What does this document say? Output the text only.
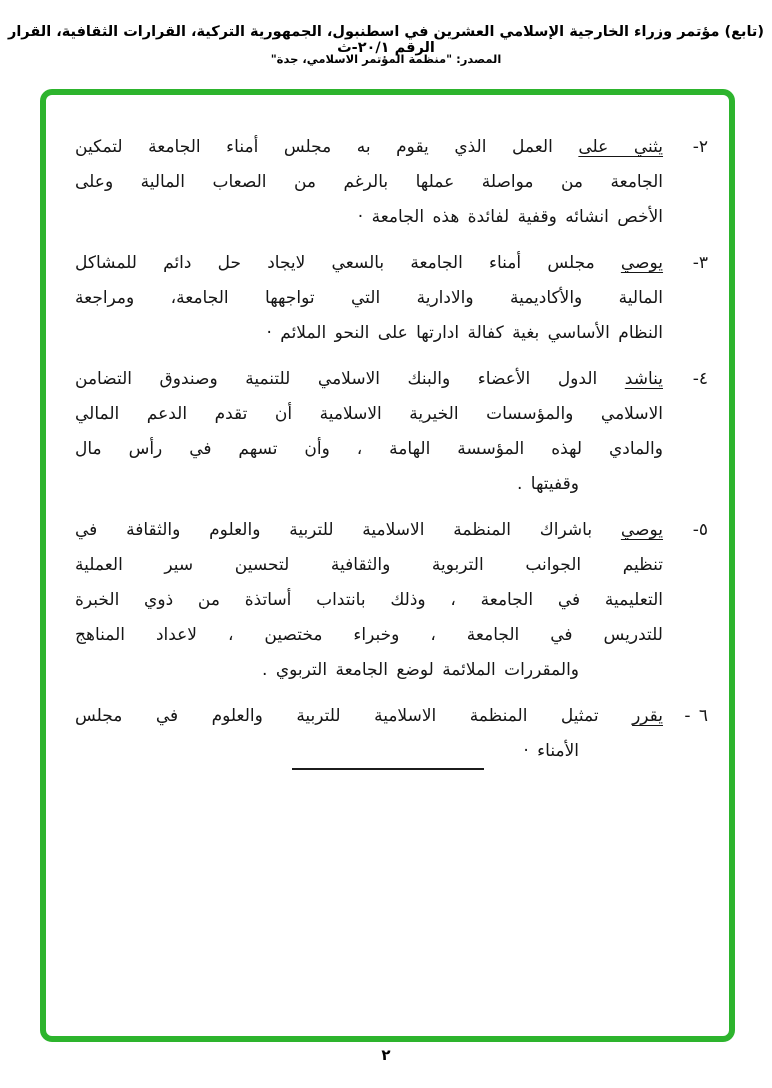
(تابع) مؤتمر وزراء الخارجية الإسلامي العشرين في اسطنبول، الجمهورية التركية، القرارات الثقافية، القرار الرقم ٢٠/١-ث

المصدر: "منظمة المؤتمر الاسلامي، جدة"

٢-

يثني على العمل الذي يقوم به مجلس أمناء الجامعة لتمكين

الجامعة من مواصلة عملها بالرغم من الصعاب المالية وعلى

الأخص انشائه وقفية لفائدة هذه الجامعة ·

٣-

يوصي مجلس أمناء الجامعة بالسعي لايجاد حل دائم للمشاكل

المالية والأكاديمية والادارية التي تواجهها الجامعة، ومراجعة

النظام الأساسي بغية كفالة ادارتها على النحو الملائم ·

٤-

يناشد الدول الأعضاء والبنك الاسلامي للتنمية وصندوق التضامن

الاسلامي والمؤسسات الخيرية الاسلامية أن تقدم الدعم المالي

والمادي لهذه المؤسسة الهامة ، وأن تسهم في رأس مال

وقفيتها .

٥-

يوصي باشراك المنظمة الاسلامية للتربية والعلوم والثقافة في

تنظيم الجوانب التربوية والثقافية لتحسين سير العملية

التعليمية في الجامعة ، وذلك بانتداب أساتذة من ذوي الخبرة

للتدريس في الجامعة ، وخبراء مختصين ، لاعداد المناهج

والمقررات الملائمة لوضع الجامعة التربوي .

٦ -

يقرر تمثيل المنظمة الاسلامية للتربية والعلوم في مجلس

الأمناء ·

٢
